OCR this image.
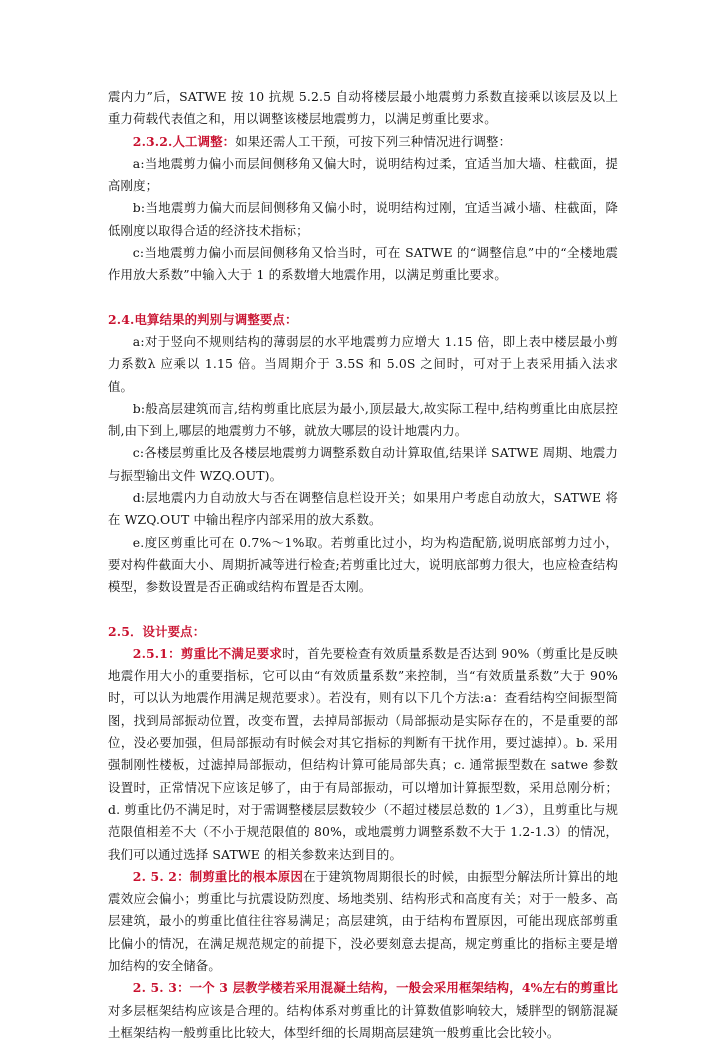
震内力”后，SATWE 按 10 抗规 5.2.5 自动将楼层最小地震剪力系数直接乘以该层及以上重力荷载代表值之和，用以调整该楼层地震剪力，以满足剪重比要求。

2.3.2.人工调整：如果还需人工干预，可按下列三种情况进行调整：

a:当地震剪力偏小而层间侧移角又偏大时，说明结构过柔，宜适当加大墙、柱截面，提高刚度；

b:当地震剪力偏大而层间侧移角又偏小时，说明结构过刚，宜适当减小墙、柱截面，降低刚度以取得合适的经济技术指标；

c:当地震剪力偏小而层间侧移角又恰当时，可在 SATWE 的“调整信息”中的“全楼地震作用放大系数”中输入大于 1 的系数增大地震作用，以满足剪重比要求。

2.4.电算结果的判别与调整要点：

a:对于竖向不规则结构的薄弱层的水平地震剪力应增大 1.15 倍，即上表中楼层最小剪力系数λ 应乘以 1.15 倍。当周期介于 3.5S 和 5.0S 之间时，可对于上表采用插入法求值。

b:般高层建筑而言,结构剪重比底层为最小,顶层最大,故实际工程中,结构剪重比由底层控制,由下到上,哪层的地震剪力不够，就放大哪层的设计地震内力。

c:各楼层剪重比及各楼层地震剪力调整系数自动计算取值,结果详 SATWE 周期、地震力与振型输出文件 WZQ.OUT)。

d:层地震内力自动放大与否在调整信息栏设开关；如果用户考虑自动放大，SATWE 将在 WZQ.OUT 中输出程序内部采用的放大系数。

e.度区剪重比可在 0.7%～1%取。若剪重比过小，均为构造配筋,说明底部剪力过小，要对构件截面大小、周期折减等进行检查;若剪重比过大，说明底部剪力很大，也应检查结构模型，参数设置是否正确或结构布置是否太刚。

2.5．设计要点：

2.5.1：剪重比不满足要求时，首先要检查有效质量系数是否达到 90%（剪重比是反映地震作用大小的重要指标，它可以由“有效质量系数”来控制，当“有效质量系数”大于 90%时，可以认为地震作用满足规范要求）。若没有，则有以下几个方法:a：查看结构空间振型简图，找到局部振动位置，改变布置，去掉局部振动（局部振动是实际存在的，不是重要的部位，没必要加强，但局部振动有时候会对其它指标的判断有干扰作用，要过滤掉）。b. 采用强制刚性楼板，过滤掉局部振动，但结构计算可能局部失真；c. 通常振型数在 satwe 参数设置时，正常情况下应该足够了，由于有局部振动，可以增加计算振型数，采用总刚分析；d. 剪重比仍不满足时，对于需调整楼层层数较少（不超过楼层总数的 1／3），且剪重比与规范限值相差不大（不小于规范限值的 80%，或地震剪力调整系数不大于 1.2-1.3）的情况，我们可以通过选择 SATWE 的相关参数来达到目的。

2. 5. 2：制剪重比的根本原因在于建筑物周期很长的时候，由振型分解法所计算出的地震效应会偏小；剪重比与抗震设防烈度、场地类别、结构形式和高度有关；对于一般多、高层建筑，最小的剪重比值往往容易满足；高层建筑，由于结构布置原因，可能出现底部剪重比偏小的情况，在满足规范规定的前提下，没必要刻意去提高，规定剪重比的指标主要是增加结构的安全储备。

2. 5. 3：一个 3 层教学楼若采用混凝土结构，一般会采用框架结构，4%左右的剪重比对多层框架结构应该是合理的。结构体系对剪重比的计算数值影响较大，矮胖型的钢筋混凝土框架结构一般剪重比比较大，体型纤细的长周期高层建筑一般剪重比会比较小。
